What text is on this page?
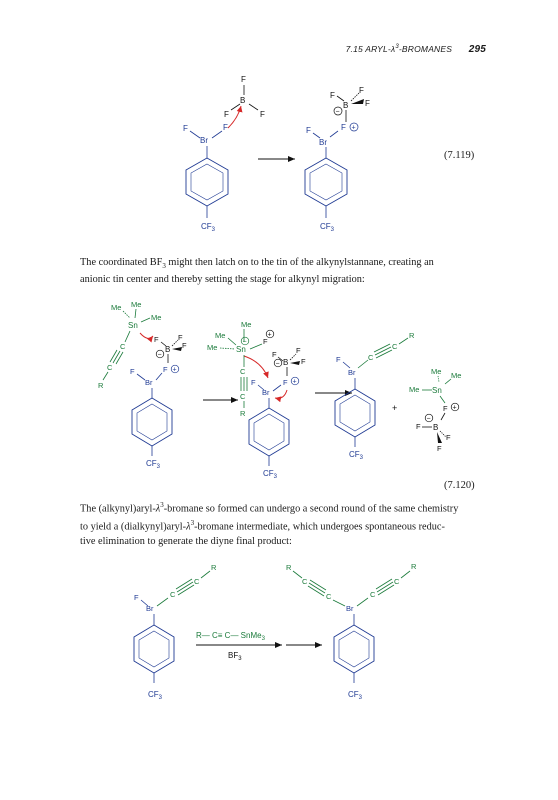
7.15 ARYL-$\lambda^3$-BROMANES 295
The coordinated $BF_3$ might then latch on to the tin of the alkynylstannane, creating an
anionic tin center and thereby setting the stage for alkynyl migration:
The $(alkynyl)aryl-\lambda^3$-bromane so formed can undergo a second round of the same chemistry
to yield a $(dialkynyl)aryl-\lambda^3$-bromane intermediate, which undergoes spontaneous reduc-
tive elimination to generate the diyne final product:
(7.119)
(7.120)
F
B
F	F
F
Br
F
$CF_3$
F
B
F
F
−
F +
F
Br
$CF_3$
Me Me
Me
Sn
C
C
R
F	F
F
B
−
F +
F
Br
$CF_3$
Me
Me
Me
−
Sn
F
C
C
R
+
F
− B
F
F
F +
F
Br
$CF_3$
F
Br
C
C
R
$CF_3$
+
Me Me
Me Sn
F +
−
F B
F
F
F
Br
C
C
R
$CF_3$
R— C≡ C— SnMe$_3$
$BF_3$
R
C
C
Br
C
C
R
$CF_3$
